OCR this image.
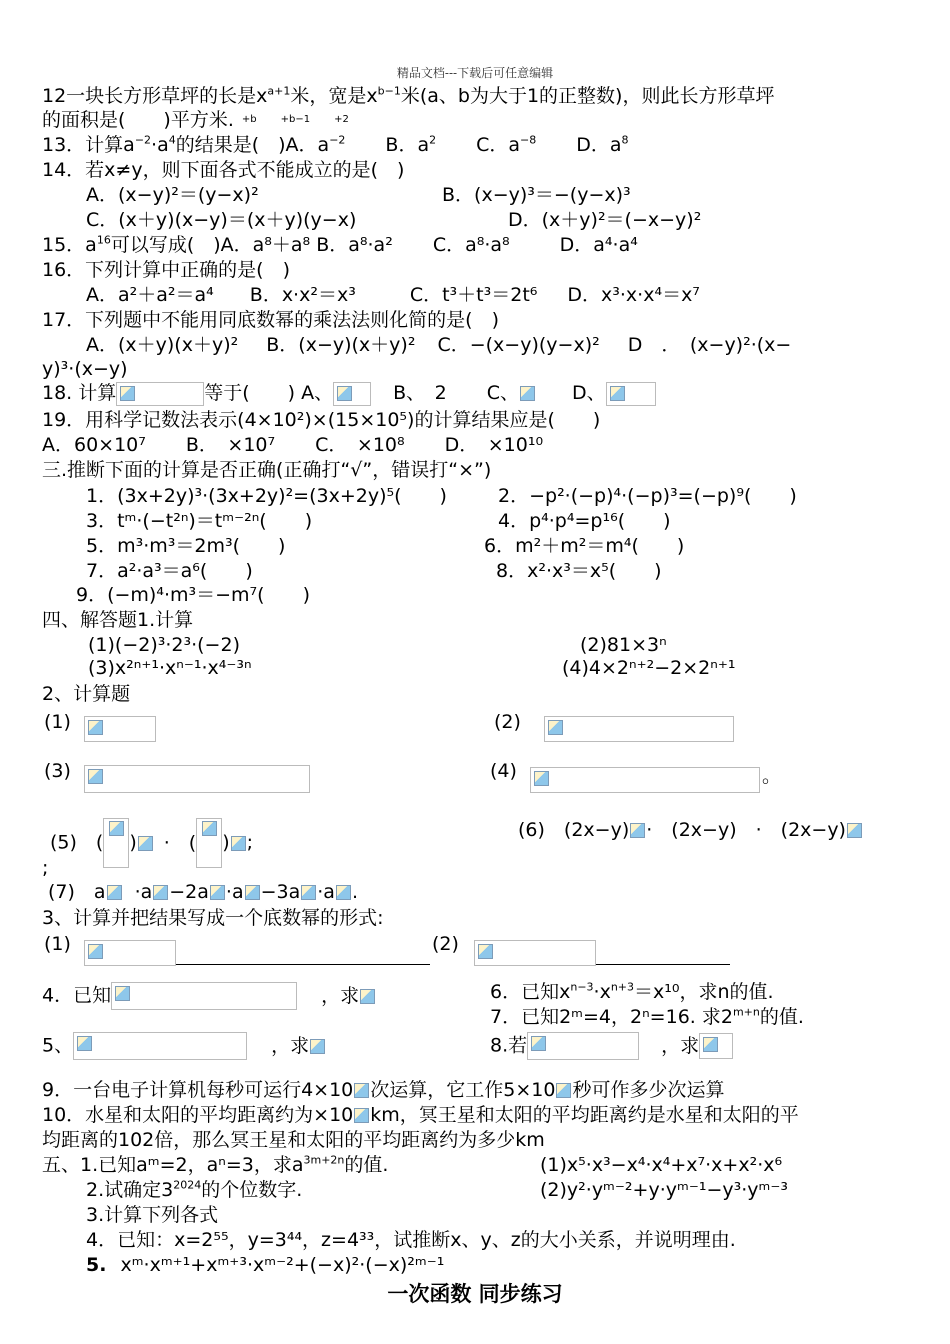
精品文档---下载后可任意编辑
12一块长方形草坪的长是$x^{a+1}$米，宽是$x^{b-1}$米(a、b为大于1的正整数)，则此长方形草坪
的面积是(　　)平方米. $^{+b}$ $^{+b-1}$ $^{+2}$
13．计算$a^{-2}\cdot a^4$的结果是(　)A．$a^{-2}$ B．$a^2$ C．$a^{-8}$ D．$a^8$
14．若x≠y，则下面各式不能成立的是(　)
A．(x−y)²＝(y−x)²	B．(x−y)³＝−(y−x)³
C．(x＋y)(x−y)＝(x＋y)(y−x)	D．(x＋y)²＝(−x−y)²
15．$a^{16}$可以写成(　)A．a⁸＋a⁸ B．a⁸·a² C．a⁸·a⁸	D．a⁴·a⁴
16．下列计算中正确的是(　)
A．a²＋a²＝a⁴ B．x·x²＝x³	C．t³＋t³＝2t⁶ D．x³·x·x⁴＝x⁷
17．下列题中不能用同底数幂的乘法法则化简的是(　)
A．(x＋y)(x＋y)² B．(x−y)(x＋y)² C．−(x−y)(y−x)² D　．　(x−y)²·(x−
y)³·(x−y)
18. 计算	等于(　　) A、	B、　2 C、	D、
19．用科学记数法表示(4×10²)×(15×10⁵)的计算结果应是(　　)
A．60×10⁷ B．　×10⁷ C．　×10⁸ D．　×10¹⁰
三.推断下面的计算是否正确(正确打“√”，错误打“×”)
1．(3x+2y)³·(3x+2y)²=(3x+2y)⁵(　　)	2．−p²·(−p)⁴·(−p)³=(−p)⁹(　　)
3．tᵐ·(−t²ⁿ)＝tᵐ⁻²ⁿ(　　)	4．p⁴·p⁴=p¹⁶(　　)
5．m³·m³＝2m³(　　)	6．m²＋m²＝m⁴(　　)
7．a²·a³＝a⁶(　　)	8．x²·x³＝x⁵(　　)
9．(−m)⁴·m³＝−m⁷(　　)
四、解答题1.计算
(1)(−2)³·2³·(−2)	(2)81×3ⁿ
(3)x²ⁿ⁺¹·xⁿ⁻¹·x⁴⁻³ⁿ	(4)4×2ⁿ⁺²−2×2ⁿ⁺¹
2、计算题
(1)	(2)
(3)	(4)	。
(5)　( ) ·　( ) ;
(6)　(2x−y) ·　(2x−y)　·　(2x−y)
;
(7)　a ·a −2a ·a −3a ·a .
3、计算并把结果写成一个底数幂的形式:
(1)	(2)
4．已知	，求	6．已知$x^{n-3}\cdot x^{n+3}=x^{10}$，求n的值.
7．已知2ᵐ=4，2ⁿ=16. 求$2^{m+n}$的值.
5、	，求	8.若	，求
9．一台电子计算机每秒可运行4×10 次运算，它工作5×10 秒可作多少次运算
10．水星和太阳的平均距离约为×10 km，冥王星和太阳的平均距离约是水星和太阳的平
均距离的102倍，那么冥王星和太阳的平均距离约为多少km
五、1.已知aᵐ=2，aⁿ=3，求$a^{3m+2n}$的值.	(1)x⁵·x³−x⁴·x⁴+x⁷·x+x²·x⁶
2.试确定$3^{2024}$的个位数字.	(2)y²·yᵐ⁻²+y·yᵐ⁻¹−y³·yᵐ⁻³
3.计算下列各式
4．已知：x=2⁵⁵，y=3⁴⁴，z=4³³，试推断x、y、z的大小关系，并说明理由.
5. xᵐ·xᵐ⁺¹+xᵐ⁺³·xᵐ⁻²+(−x)²·(−x)²ᵐ⁻¹
一次函数 同步练习
